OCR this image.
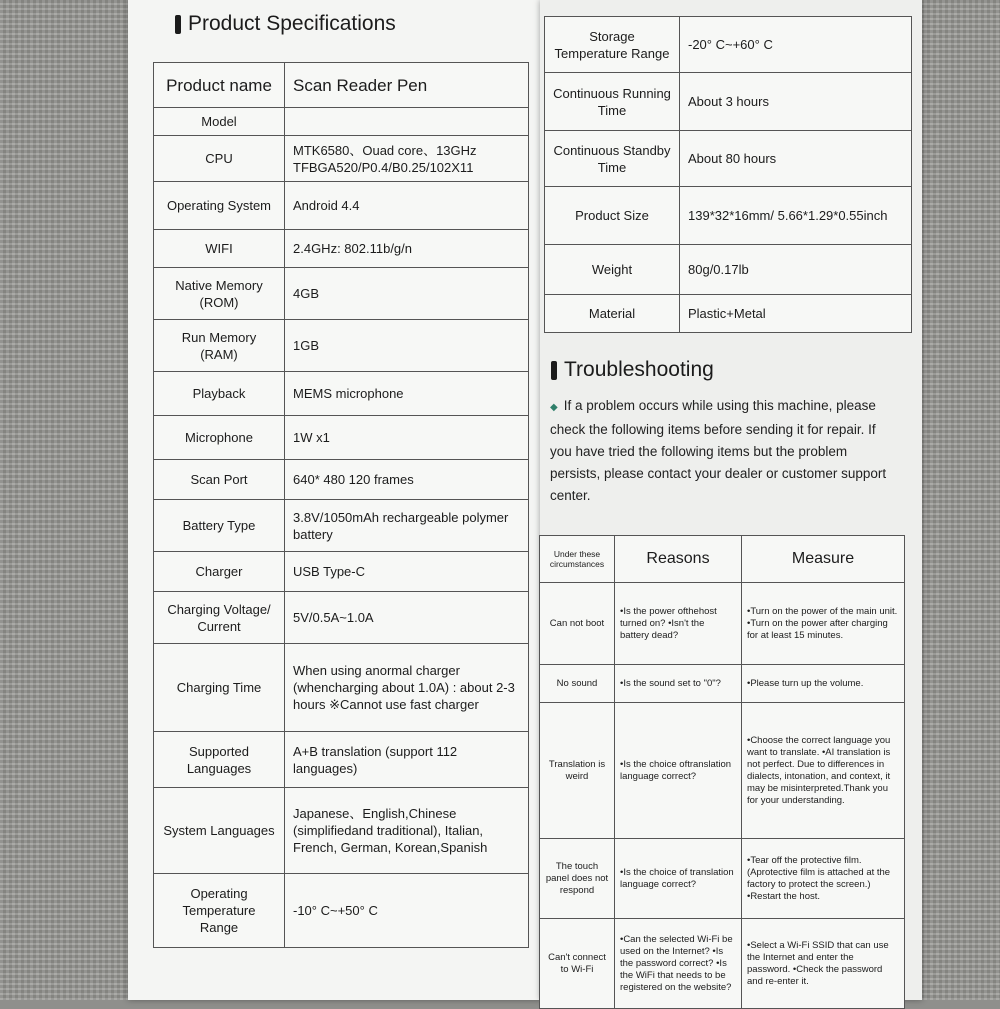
Product Specifications
Product name	Scan Reader Pen
Model	
CPU	MTK6580、Ouad core、13GHz TFBGA520/P0.4/B0.25/102X11
Operating System	Android 4.4
WIFI	2.4GHz: 802.11b/g/n
Native Memory (ROM)	4GB
Run Memory (RAM)	1GB
Playback	MEMS microphone
Microphone	1W x1
Scan Port	640* 480 120 frames
Battery Type	3.8V/1050mAh rechargeable polymer battery
Charger	USB Type-C
Charging Voltage/ Current	5V/0.5A~1.0A
Charging Time	When using anormal charger (whencharging about 1.0A) : about 2-3 hours ※Cannot use fast charger
Supported Languages	A+B translation (support 112 languages)
System Languages	Japanese、English,Chinese (simplifiedand traditional), Italian, French, German, Korean,Spanish
Operating Temperature Range	-10° C~+50° C
Storage Temperature Range	-20° C~+60° C
Continuous Running Time	About 3 hours
Continuous Standby Time	About 80 hours
Product Size	139*32*16mm/ 5.66*1.29*0.55inch
Weight	80g/0.17lb
Material	Plastic+Metal
Troubleshooting
◆ If a problem occurs while using this machine, please check the following items before sending it for repair. If you have tried the following items but the problem persists, please contact your dealer or customer support center.
Under these circumstances	Reasons	Measure
Can not boot	•Is the power ofthehost turned on? •Isn't the battery dead?	•Turn on the power of the main unit. •Turn on the power after charging for at least 15 minutes.
No sound	•Is the sound set to "0"?	•Please turn up the volume.
Translation is weird	•Is the choice oftranslation language correct?	•Choose the correct language you want to translate. •AI translation is not perfect. Due to differences in dialects, intonation, and context, it may be misinterpreted.Thank you for your understanding.
The touch panel does not respond	•Is the choice of translation language correct?	•Tear off the protective film. (Aprotective film is attached at the factory to protect the screen.) •Restart the host.
Can't connect to Wi-Fi	•Can the selected Wi-Fi be used on the Internet? •Is the password correct? •Is the WiFi that needs to be registered on the website?	•Select a Wi-Fi SSID that can use the Internet and enter the password. •Check the password and re-enter it.
